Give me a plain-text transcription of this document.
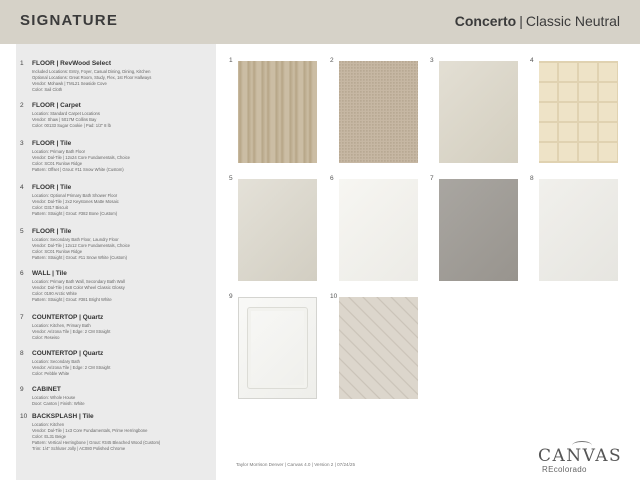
SIGNATURE	Concerto | Classic Neutral
1 FLOOR | RevWood Select
Included Locations: Entry, Foyer, Casual Dining, Dining, Kitchen
Optional Locations: Great Room, Study, Flex, 1st Floor Hallways
Vendor: Mohawk | TML21 Seaside Cove
Color: Sail Cloth
2 FLOOR | Carpet
Location: Standard Carpet Locations
Vendor: Shaw | 5017M Collins Bay
Color: 00133 Sugar Cookie | Pad: 1/2" 8 lb
3 FLOOR | Tile
Location: Primary Bath Floor
Vendor: Dal-Tile | 12x24 Core Fundamentals, Choice
Color: SC01 Runlow Ridge
Pattern: Offset | Grout: #11 Snow White (Custom)
4 FLOOR | Tile
Location: Optional Primary Bath Shower Floor
Vendor: Dal-Tile | 2x2 Keystones Matte Mosaic
Color: D317 Biscuit
Pattern: Straight | Grout: #382 Bone (Custom)
5 FLOOR | Tile
Location: Secondary Bath Floor, Laundry Floor
Vendor: Dal-Tile | 12x12 Core Fundamentals, Choice
Color: SC01 Runlow Ridge
Pattern: Straight | Grout: #11 Snow White (Custom)
6 WALL | Tile
Location: Primary Bath Wall, Secondary Bath Wall
Vendor: Dal-Tile | 6x8 Color Wheel Classic Glossy
Color: 0190 Arctic White
Pattern: Straight | Grout: #381 Bright White
7 COUNTERTOP | Quartz
Location: Kitchen, Primary Bath
Vendor: Arizona Tile | Edge: 2 CM Straight
Color: Reseiso
8 COUNTERTOP | Quartz
Location: Secondary Bath
Vendor: Arizona Tile | Edge: 2 CM Straight
Color: Pebble White
9 CABINET
Location: Whole House
Door: Canton | Finish: White
10 BACKSPLASH | Tile
Location: Kitchen
Vendor: Dal-Tile | 1x3 Core Fundamentals, Prime Herringbone
Color: EL31 Beige
Pattern: Vertical Herringbone | Grout: #345 Bleached Wood (Custom)
Trim: 1/4" Schluter Jolly | AC080 Polished Chrome
1	2	3	4
5	6	7	8
9	10
Taylor Morrison Denver | Canvas 4.0 | Version 2 | 07/24/25	CANVAS
REcolorado
